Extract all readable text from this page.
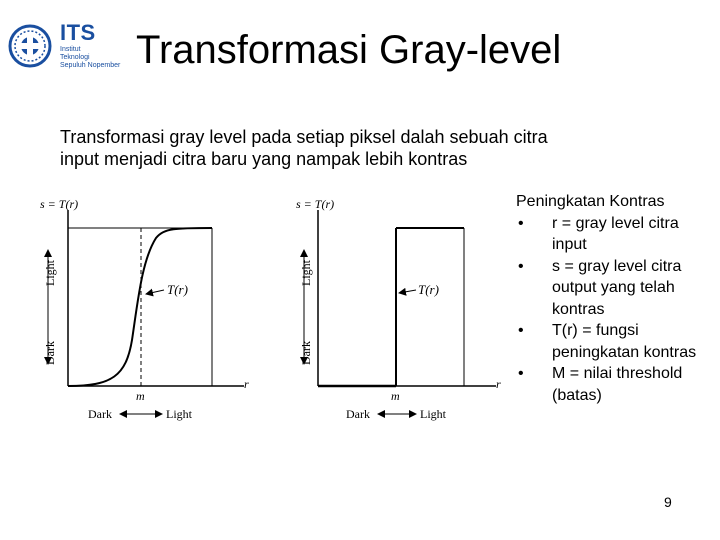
ITS
Institut
Teknologi
Sepuluh Nopember Transformasi Gray-level
Transformasi gray level pada setiap piksel dalah sebuah citra
input menjadi citra baru yang nampak lebih kontras
T(r)
s = T(r)
Light
Dark
r
m
Dark	Light
T(r)
s = T(r)
Light
Dark
r
m
Dark	Light
Peningkatan Kontras
• r = gray level citra input
• s = gray level citra output yang telah kontras
• T(r) = fungsi peningkatan kontras
• M = nilai threshold (batas)
9
